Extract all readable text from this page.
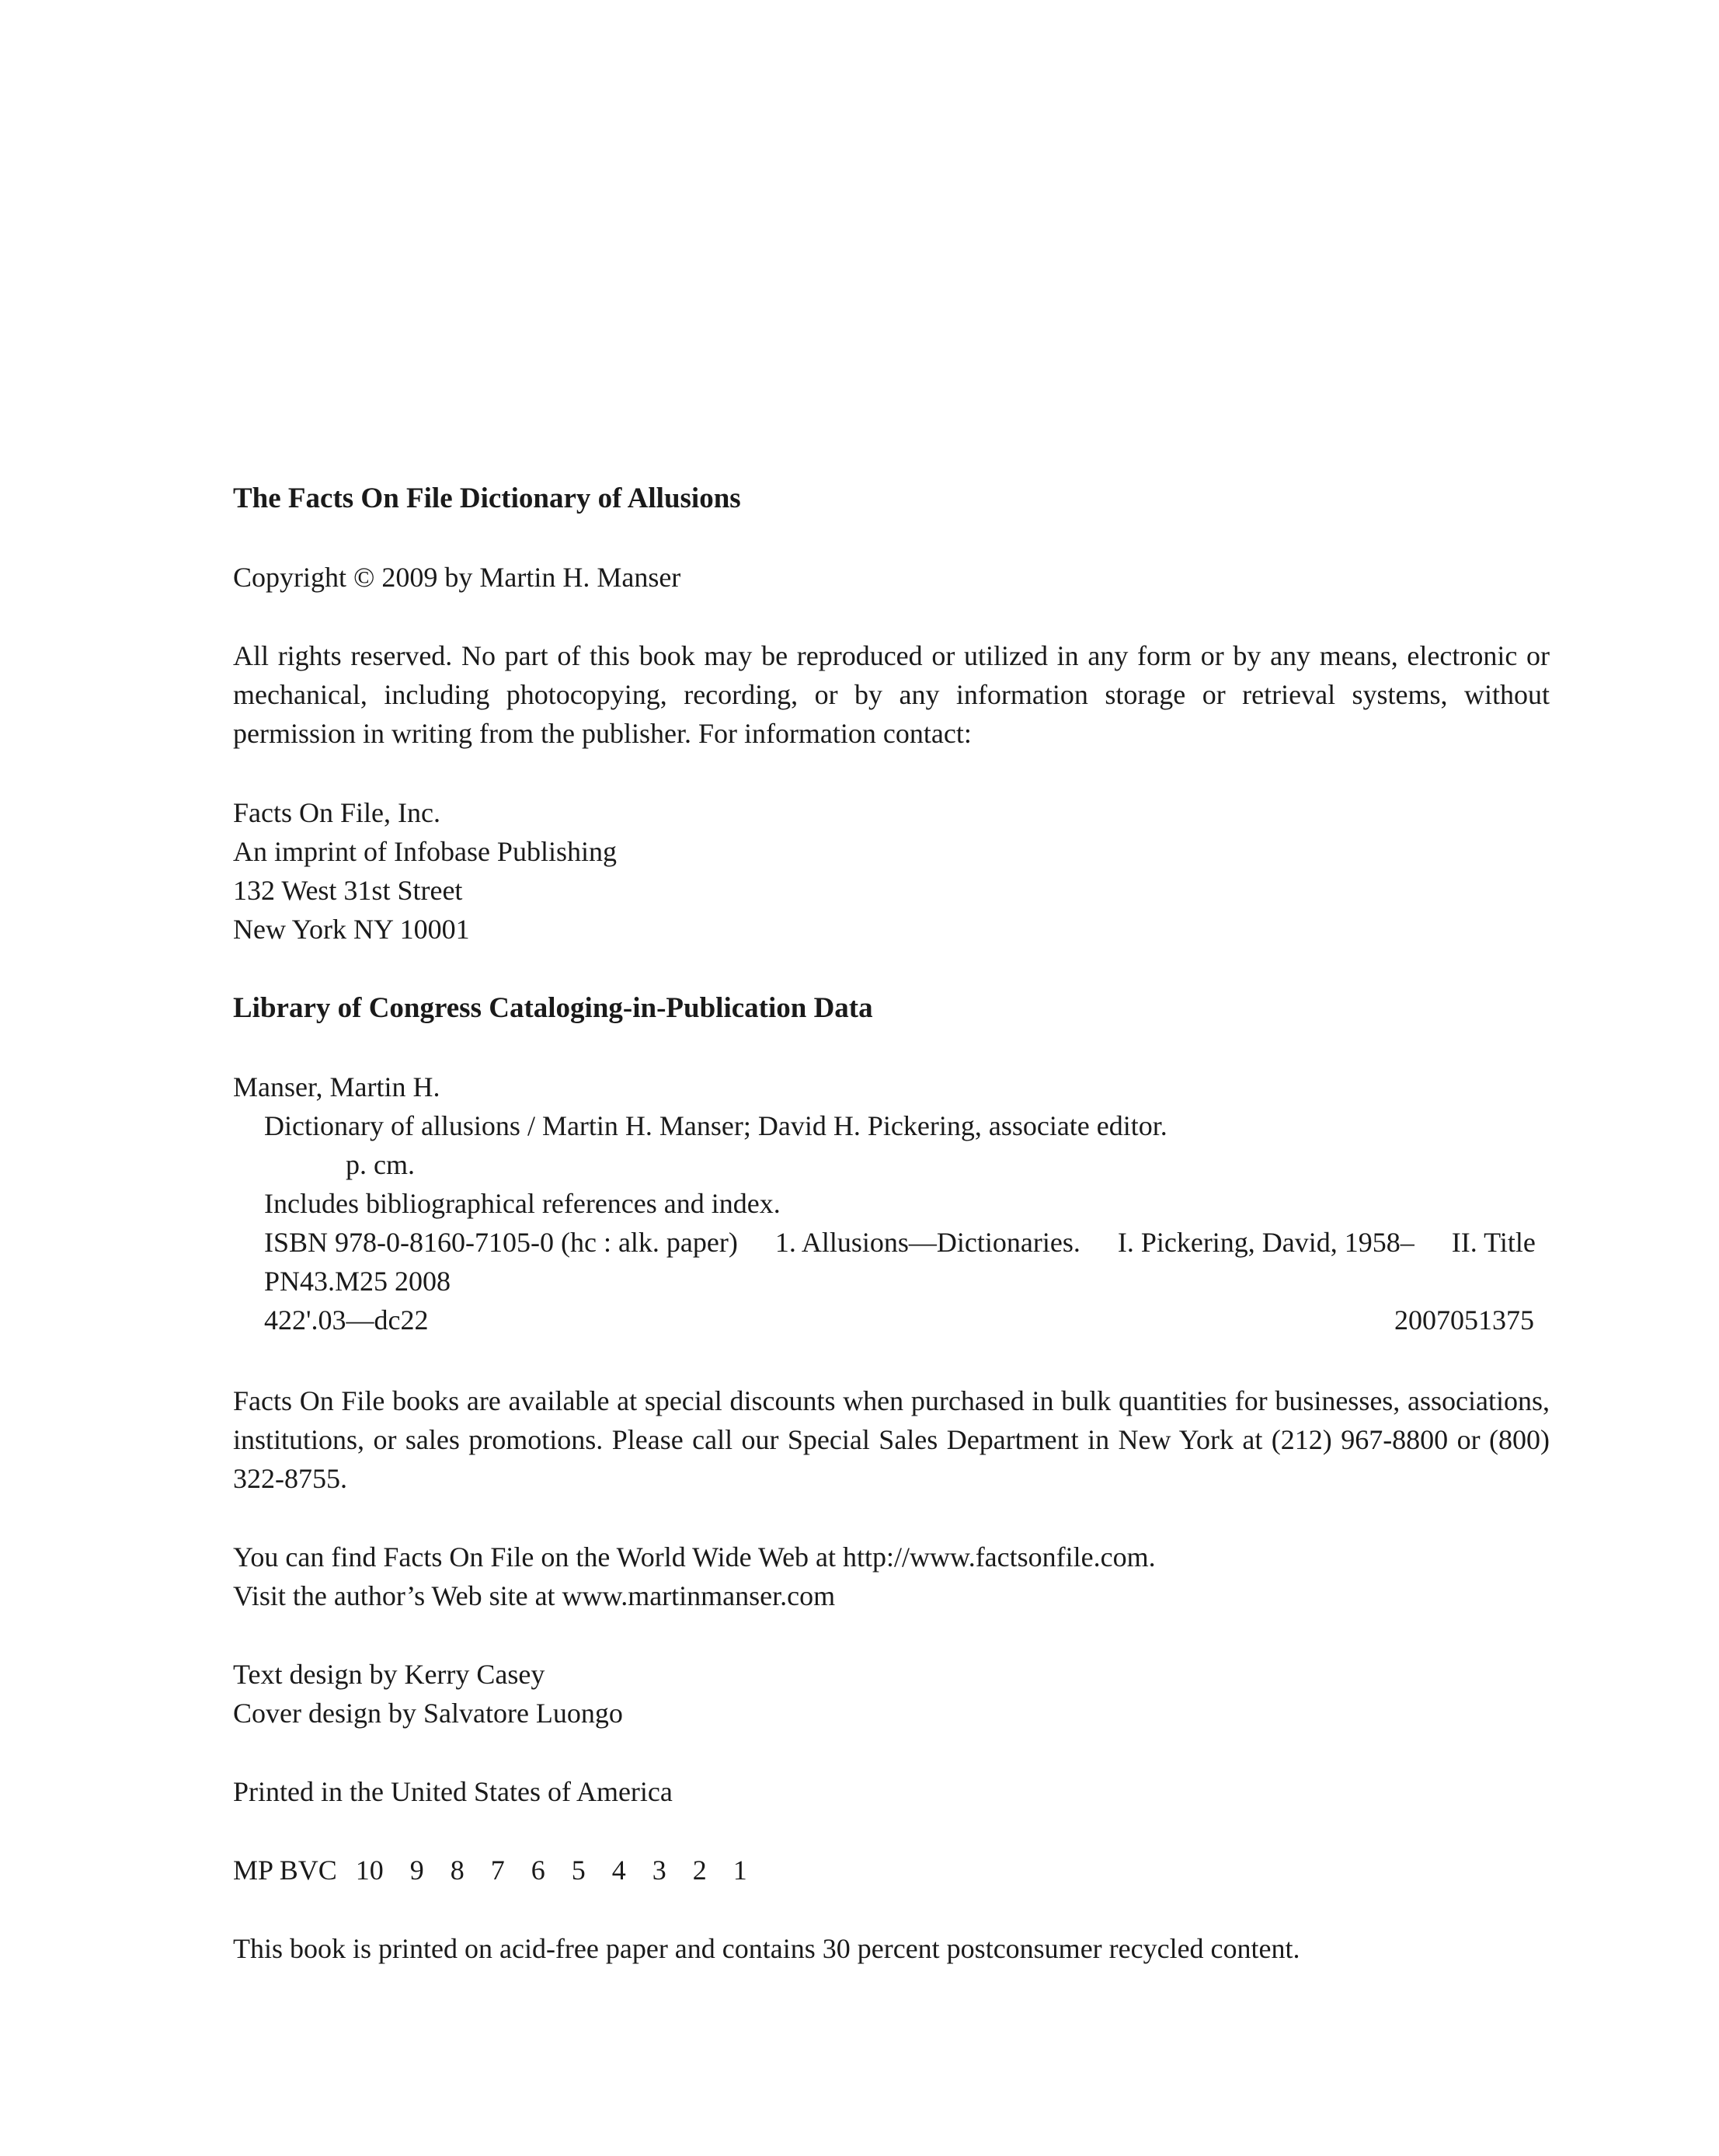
The Facts On File Dictionary of Allusions
Copyright © 2009 by Martin H. Manser
All rights reserved. No part of this book may be reproduced or utilized in any form or by any means, electronic or mechanical, including photocopying, recording, or by any information storage or retrieval systems, without permission in writing from the publisher. For information contact:
Facts On File, Inc.
An imprint of Infobase Publishing
132 West 31st Street
New York NY 10001
Library of Congress Cataloging-in-Publication Data
Manser, Martin H.
Dictionary of allusions / Martin H. Manser; David H. Pickering, associate editor.
p. cm.
Includes bibliographical references and index.
ISBN 978-0-8160-7105-0 (hc : alk. paper) 1. Allusions—Dictionaries. I. Pickering, David, 1958– II. Title
PN43.M25 2008
422'.03—dc22	2007051375
Facts On File books are available at special discounts when purchased in bulk quantities for businesses, associations, institutions, or sales promotions. Please call our Special Sales Department in New York at (212) 967-8800 or (800) 322-8755.
You can find Facts On File on the World Wide Web at http://www.factsonfile.com.
Visit the author’s Web site at www.martinmanser.com
Text design by Kerry Casey
Cover design by Salvatore Luongo
Printed in the United States of America
MP BVC 10 9 8 7 6 5 4 3 2 1
This book is printed on acid-free paper and contains 30 percent postconsumer recycled content.
